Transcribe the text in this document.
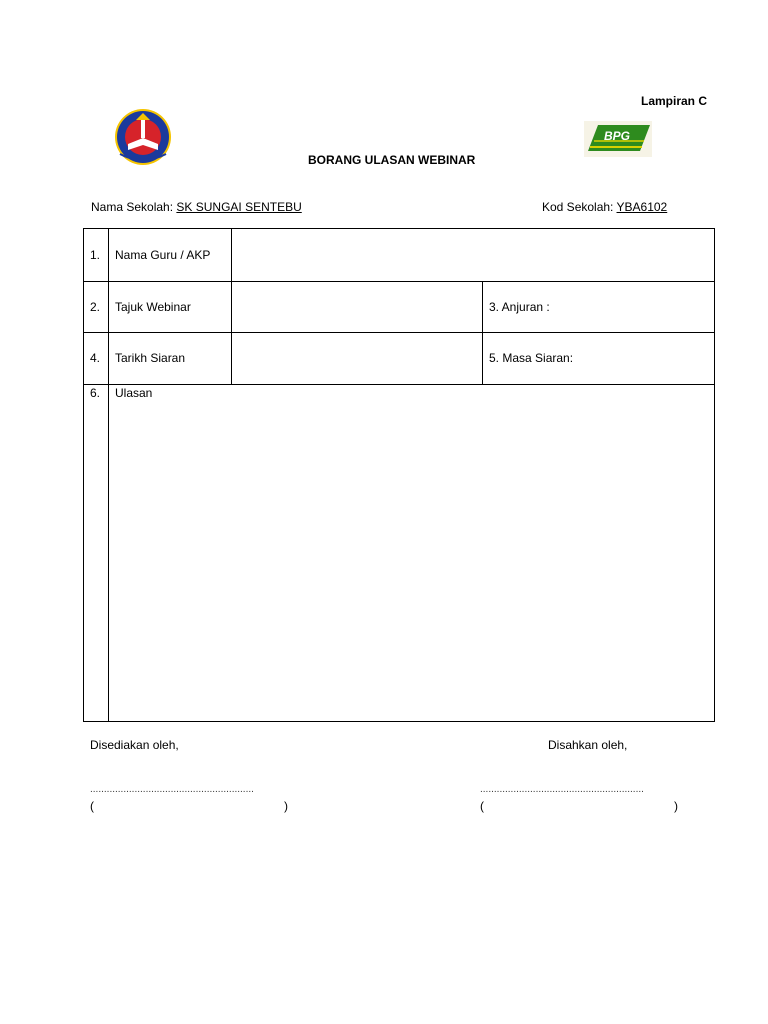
Lampiran C
BPG
BORANG ULASAN WEBINAR
Nama Sekolah: SK SUNGAI SENTEBU	Kod Sekolah: YBA6102
1. Nama Guru / AKP
2. Tajuk Webinar	3. Anjuran :
4. Tarikh Siaran	5. Masa Siaran:
6. Ulasan
Disediakan oleh,	Disahkan oleh,
...........................................................	...........................................................
(	)	(	)
